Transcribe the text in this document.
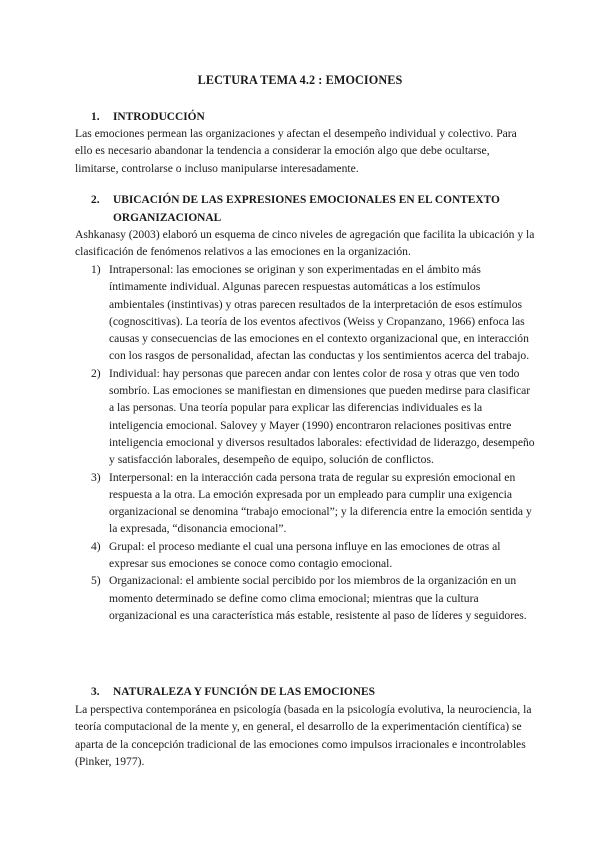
LECTURA TEMA 4.2 : EMOCIONES
1. INTRODUCCIÓN
Las emociones permean las organizaciones y afectan el desempeño individual y colectivo. Para ello es necesario abandonar la tendencia a considerar la emoción algo que debe ocultarse, limitarse, controlarse o incluso manipularse interesadamente.
2. UBICACIÓN DE LAS EXPRESIONES EMOCIONALES EN EL CONTEXTO
ORGANIZACIONAL
Ashkanasy (2003) elaboró un esquema de cinco niveles de agregación que facilita la ubicación y la clasificación de fenómenos relativos a las emociones en la organización.

1) Intrapersonal: las emociones se originan y son experimentadas en el ámbito más íntimamente individual. Algunas parecen respuestas automáticas a los estímulos ambientales (instintivas) y otras parecen resultados de la interpretación de esos estímulos (cognoscitivas). La teoría de los eventos afectivos (Weiss y Cropanzano, 1966) enfoca las causas y consecuencias de las emociones en el contexto organizacional que, en interacción con los rasgos de personalidad, afectan las conductas y los sentimientos acerca del trabajo.

2) Individual: hay personas que parecen andar con lentes color de rosa y otras que ven todo sombrío. Las emociones se manifiestan en dimensiones que pueden medirse para clasificar a las personas. Una teoría popular para explicar las diferencias individuales es la inteligencia emocional. Salovey y Mayer (1990) encontraron relaciones positivas entre inteligencia emocional y diversos resultados laborales: efectividad de liderazgo, desempeño y satisfacción laborales, desempeño de equipo, solución de conflictos.

3) Interpersonal: en la interacción cada persona trata de regular su expresión emocional en respuesta a la otra. La emoción expresada por un empleado para cumplir una exigencia organizacional se denomina “trabajo emocional”; y la diferencia entre la emoción sentida y la expresada, “disonancia emocional”.

4) Grupal: el proceso mediante el cual una persona influye en las emociones de otras al expresar sus emociones se conoce como contagio emocional.

5) Organizacional: el ambiente social percibido por los miembros de la organización en un momento determinado se define como clima emocional; mientras que la cultura organizacional es una característica más estable, resistente al paso de líderes y seguidores.

3. NATURALEZA Y FUNCIÓN DE LAS EMOCIONES
La perspectiva contemporánea en psicología (basada en la psicología evolutiva, la neurociencia, la teoría computacional de la mente y, en general, el desarrollo de la experimentación científica) se aparta de la concepción tradicional de las emociones como impulsos irracionales e incontrolables (Pinker, 1977).
